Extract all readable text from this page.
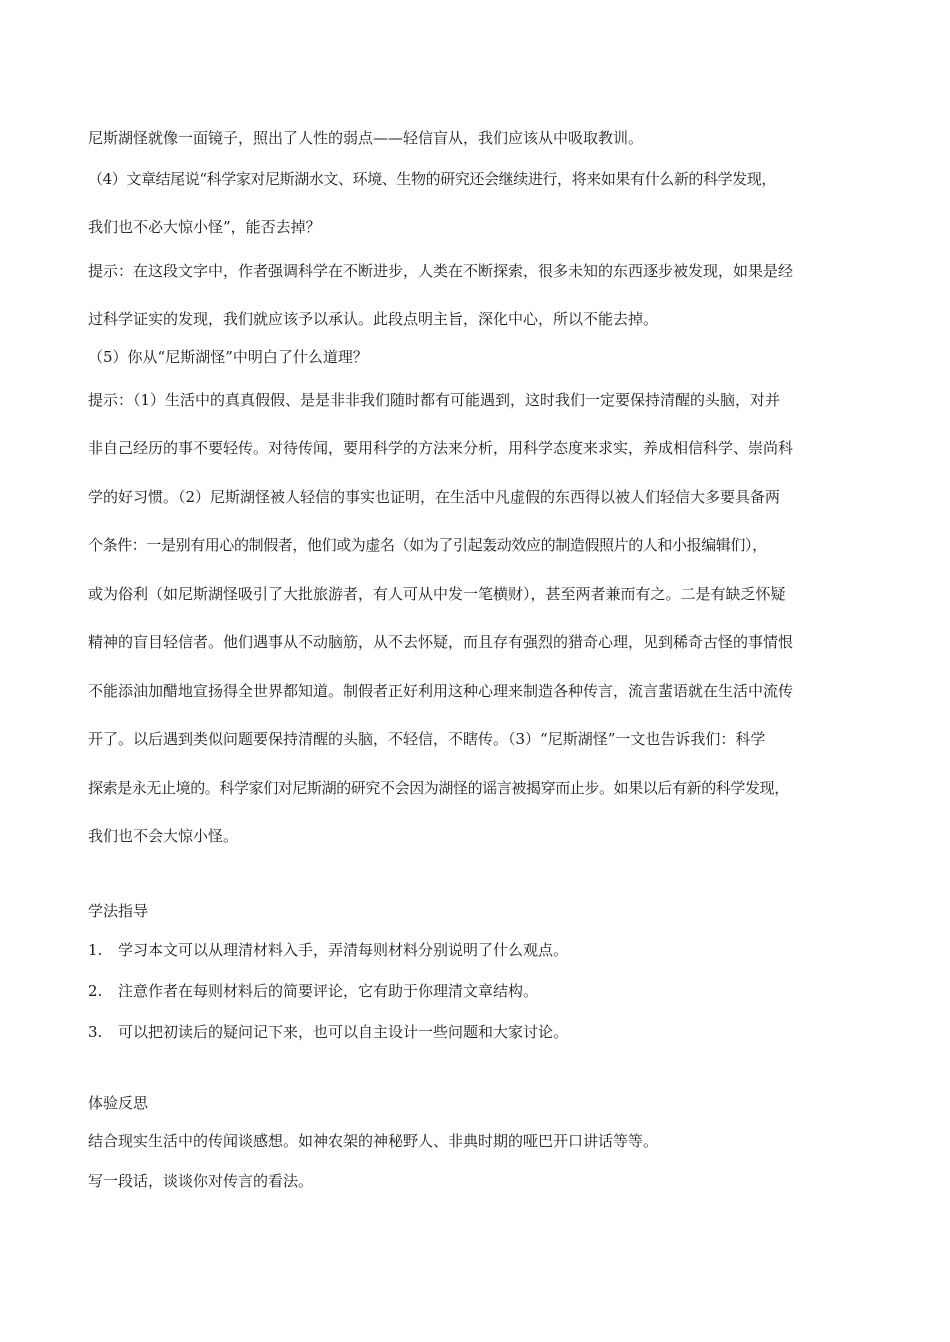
尼斯湖怪就像一面镜子，照出了人性的弱点——轻信盲从，我们应该从中吸取教训。
（4）文章结尾说“科学家对尼斯湖水文、环境、生物的研究还会继续进行，将来如果有什么新的科学发现，
我们也不必大惊小怪”，能否去掉？
提示：在这段文字中，作者强调科学在不断进步，人类在不断探索，很多未知的东西逐步被发现，如果是经
过科学证实的发现，我们就应该予以承认。此段点明主旨，深化中心，所以不能去掉。
（5）你从“尼斯湖怪”中明白了什么道理？
提示：（1）生活中的真真假假、是是非非我们随时都有可能遇到，这时我们一定要保持清醒的头脑，对并
非自己经历的事不要轻传。对待传闻，要用科学的方法来分析，用科学态度来求实，养成相信科学、崇尚科
学的好习惯。（2）尼斯湖怪被人轻信的事实也证明，在生活中凡虚假的东西得以被人们轻信大多要具备两
个条件：一是别有用心的制假者，他们或为虚名（如为了引起轰动效应的制造假照片的人和小报编辑们），
或为俗利（如尼斯湖怪吸引了大批旅游者，有人可从中发一笔横财），甚至两者兼而有之。二是有缺乏怀疑
精神的盲目轻信者。他们遇事从不动脑筋，从不去怀疑，而且存有强烈的猎奇心理，见到稀奇古怪的事情恨
不能添油加醋地宣扬得全世界都知道。制假者正好利用这种心理来制造各种传言，流言蜚语就在生活中流传
开了。以后遇到类似问题要保持清醒的头脑，不轻信，不瞎传。（3）“尼斯湖怪”一文也告诉我们：科学
探索是永无止境的。科学家们对尼斯湖的研究不会因为湖怪的谣言被揭穿而止步。如果以后有新的科学发现，
我们也不会大惊小怪。
学法指导
1. 学习本文可以从理清材料入手，弄清每则材料分别说明了什么观点。
2. 注意作者在每则材料后的简要评论，它有助于你理清文章结构。
3. 可以把初读后的疑问记下来，也可以自主设计一些问题和大家讨论。
体验反思
结合现实生活中的传闻谈感想。如神农架的神秘野人、非典时期的哑巴开口讲话等等。
写一段话，谈谈你对传言的看法。
